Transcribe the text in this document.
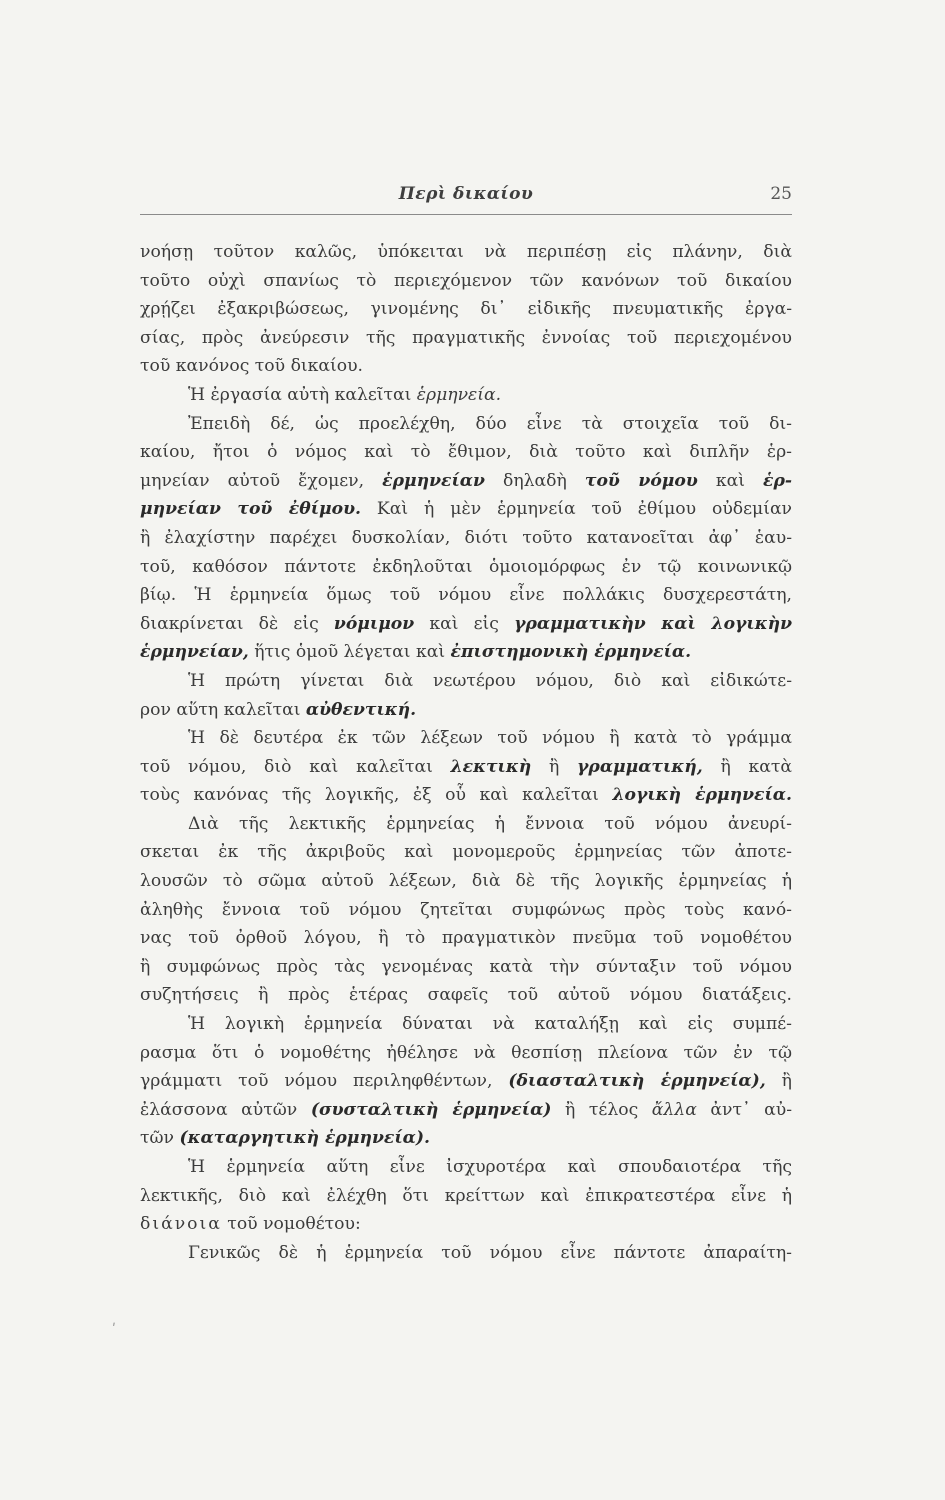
Περὶ δικαίου	25
νοήσῃ τοῦτον καλῶς, ὑπόκειται νὰ περιπέσῃ εἰς πλάνην, διὰ
τοῦτο οὐχὶ σπανίως τὸ περιεχόμενον τῶν κανόνων τοῦ δικαίου
χρῄζει ἐξακριβώσεως, γινομένης δι᾽ εἰδικῆς πνευματικῆς ἐργα-
σίας, πρὸς ἀνεύρεσιν τῆς πραγματικῆς ἐννοίας τοῦ περιεχομένου
τοῦ κανόνος τοῦ δικαίου.
Ἡ ἐργασία αὐτὴ καλεῖται ἑρμηνεία.
Ἐπειδὴ δέ, ὡς προελέχθη, δύο εἶνε τὰ στοιχεῖα τοῦ δι-
καίου, ἤτοι ὁ νόμος καὶ τὸ ἔθιμον, διὰ τοῦτο καὶ διπλῆν ἑρ-
μηνείαν αὐτοῦ ἔχομεν, ἑρμηνείαν δηλαδὴ τοῦ νόμου καὶ ἑρ-
μηνείαν τοῦ ἐθίμου. Καὶ ἡ μὲν ἑρμηνεία τοῦ ἐθίμου οὐδεμίαν
ἢ ἐλαχίστην παρέχει δυσκολίαν, διότι τοῦτο κατανοεῖται ἀφ᾽ ἑαυ-
τοῦ, καθόσον πάντοτε ἐκδηλοῦται ὁμοιομόρφως ἐν τῷ κοινωνικῷ
βίῳ. Ἡ ἑρμηνεία ὅμως τοῦ νόμου εἶνε πολλάκις δυσχερεστάτη,
διακρίνεται δὲ εἰς νόμιμον καὶ εἰς γραμματικὴν καὶ λογικὴν
ἑρμηνείαν, ἥτις ὁμοῦ λέγεται καὶ ἐπιστημονικὴ ἑρμηνεία.
Ἡ πρώτη γίνεται διὰ νεωτέρου νόμου, διὸ καὶ εἰδικώτε-
ρον αὕτη καλεῖται αὐθεντική.
Ἡ δὲ δευτέρα ἐκ τῶν λέξεων τοῦ νόμου ἢ κατὰ τὸ γράμμα
τοῦ νόμου, διὸ καὶ καλεῖται λεκτικὴ ἢ γραμματική, ἢ κατὰ
τοὺς κανόνας τῆς λογικῆς, ἐξ οὗ καὶ καλεῖται λογικὴ ἑρμηνεία.
Διὰ τῆς λεκτικῆς ἑρμηνείας ἡ ἔννοια τοῦ νόμου ἀνευρί-
σκεται ἐκ τῆς ἀκριβοῦς καὶ μονομεροῦς ἑρμηνείας τῶν ἀποτε-
λουσῶν τὸ σῶμα αὐτοῦ λέξεων, διὰ δὲ τῆς λογικῆς ἑρμηνείας ἡ
ἀληθὴς ἔννοια τοῦ νόμου ζητεῖται συμφώνως πρὸς τοὺς κανό-
νας τοῦ ὀρθοῦ λόγου, ἢ τὸ πραγματικὸν πνεῦμα τοῦ νομοθέτου
ἢ συμφώνως πρὸς τὰς γενομένας κατὰ τὴν σύνταξιν τοῦ νόμου
συζητήσεις ἢ πρὸς ἑτέρας σαφεῖς τοῦ αὐτοῦ νόμου διατάξεις.
Ἡ λογικὴ ἑρμηνεία δύναται νὰ καταλήξῃ καὶ εἰς συμπέ-
ρασμα ὅτι ὁ νομοθέτης ἠθέλησε νὰ θεσπίσῃ πλείονα τῶν ἐν τῷ
γράμματι τοῦ νόμου περιληφθέντων, (διασταλτικὴ ἑρμηνεία), ἢ
ἐλάσσονα αὐτῶν (συσταλτικὴ ἑρμηνεία) ἢ τέλος ἄλλα ἀντ᾽ αὐ-
τῶν (καταργητικὴ ἑρμηνεία).
Ἡ ἑρμηνεία αὕτη εἶνε ἰσχυροτέρα καὶ σπουδαιοτέρα τῆς
λεκτικῆς, διὸ καὶ ἐλέχθη ὅτι κρείττων καὶ ἐπικρατεστέρα εἶνε ἡ
διάνοια τοῦ νομοθέτου:
Γενικῶς δὲ ἡ ἑρμηνεία τοῦ νόμου εἶνε πάντοτε ἀπαραίτη-
ʹ
